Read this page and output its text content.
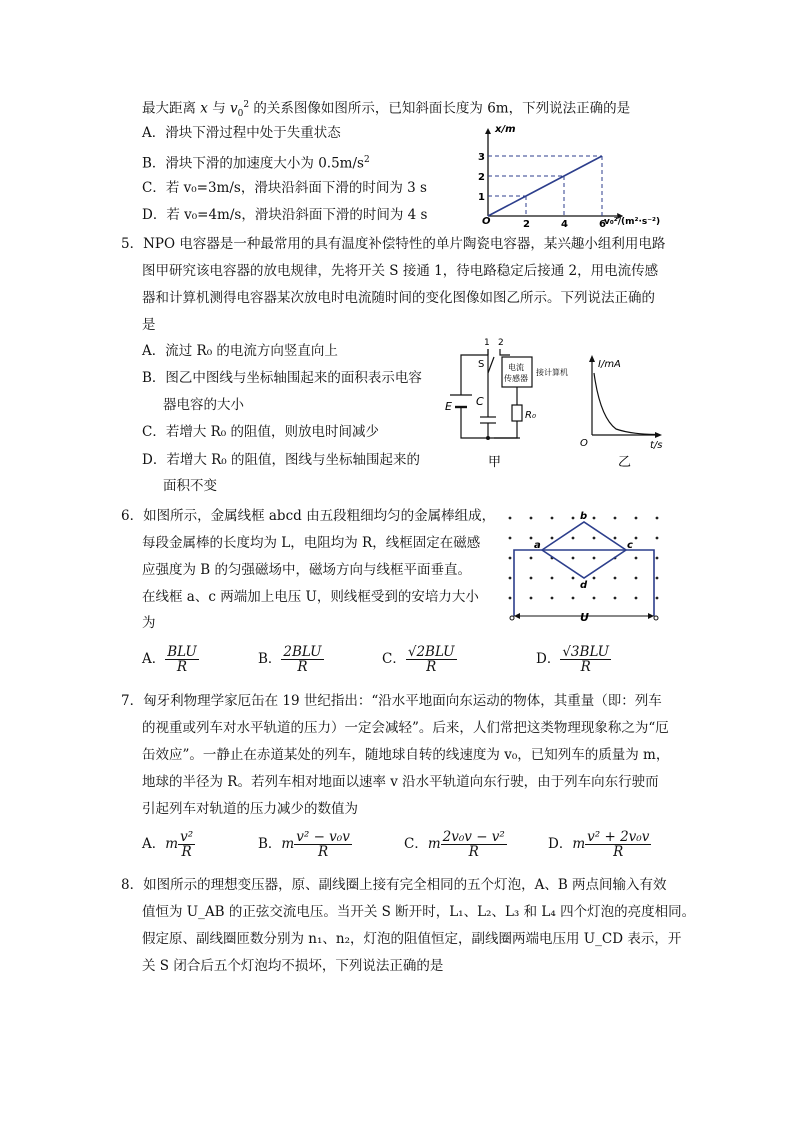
最大距离 x 与 $v_0^2$ 的关系图像如图所示，已知斜面长度为 6m，下列说法正确的是
A．滑块下滑过程中处于失重状态
B．滑块下滑的加速度大小为 $0.5m/s^2$
C．若 v₀=3m/s，滑块沿斜面下滑的时间为 3 s
D．若 v₀=4m/s，滑块沿斜面下滑的时间为 4 s
2	4	6
1
2
3
x/m
v₀²/(m²·s⁻²)
O
5．NPO 电容器是一种最常用的具有温度补偿特性的单片陶瓷电容器，某兴趣小组利用电路
图甲研究该电容器的放电规律，先将开关 S 接通 1，待电路稳定后接通 2，用电流传感
器和计算机测得电容器某次放电时电流随时间的变化图像如图乙所示。下列说法正确的
是
A．流过 R₀ 的电流方向竖直向上
B．图乙中图线与坐标轴围起来的面积表示电容
器电容的大小
C．若增大 R₀ 的阻值，则放电时间减少
D．若增大 R₀ 的阻值，图线与坐标轴围起来的
面积不变
1 2
S
E C
电流
传感器
接计算机
R₀
I/mA
t/s
O
甲	乙
6．如图所示，金属线框 abcd 由五段粗细均匀的金属棒组成，
每段金属棒的长度均为 L，电阻均为 R，线框固定在磁感
应强度为 B 的匀强磁场中，磁场方向与线框平面垂直。
在线框 a、c 两端加上电压 U，则线框受到的安培力大小
为
a
b
c
d
U
A． $\frac{\text{BLU}}{R}$	B． $\frac{\text{2BLU}}{R}$	C． $\frac{\text{√2BLU}}{R}$	D． $\frac{\text{√3BLU}}{R}$
7．匈牙利物理学家厄缶在 19 世纪指出：“沿水平地面向东运动的物体，其重量（即：列车
的视重或列车对水平轨道的压力）一定会减轻”。后来，人们常把这类物理现象称之为“厄
缶效应”。一静止在赤道某处的列车，随地球自转的线速度为 v₀，已知列车的质量为 m，
地球的半径为 R。若列车相对地面以速率 v 沿水平轨道向东行驶，由于列车向东行驶而
引起列车对轨道的压力减少的数值为
A．m $\frac{\text{v²}}{R}$	B．m $\frac{\text{v² − v₀v}}{R}$	C．m $\frac{\text{2v₀v − v²}}{R}$	D．m $\frac{\text{v² + 2v₀v}}{R}$
8．如图所示的理想变压器，原、副线圈上接有完全相同的五个灯泡，A、B 两点间输入有效
值恒为 U_AB 的正弦交流电压。当开关 S 断开时，L₁、L₂、L₃ 和 L₄ 四个灯泡的亮度相同。
假定原、副线圈匝数分别为 n₁、n₂，灯泡的阻值恒定，副线圈两端电压用 U_CD 表示，开
关 S 闭合后五个灯泡均不损坏，下列说法正确的是
